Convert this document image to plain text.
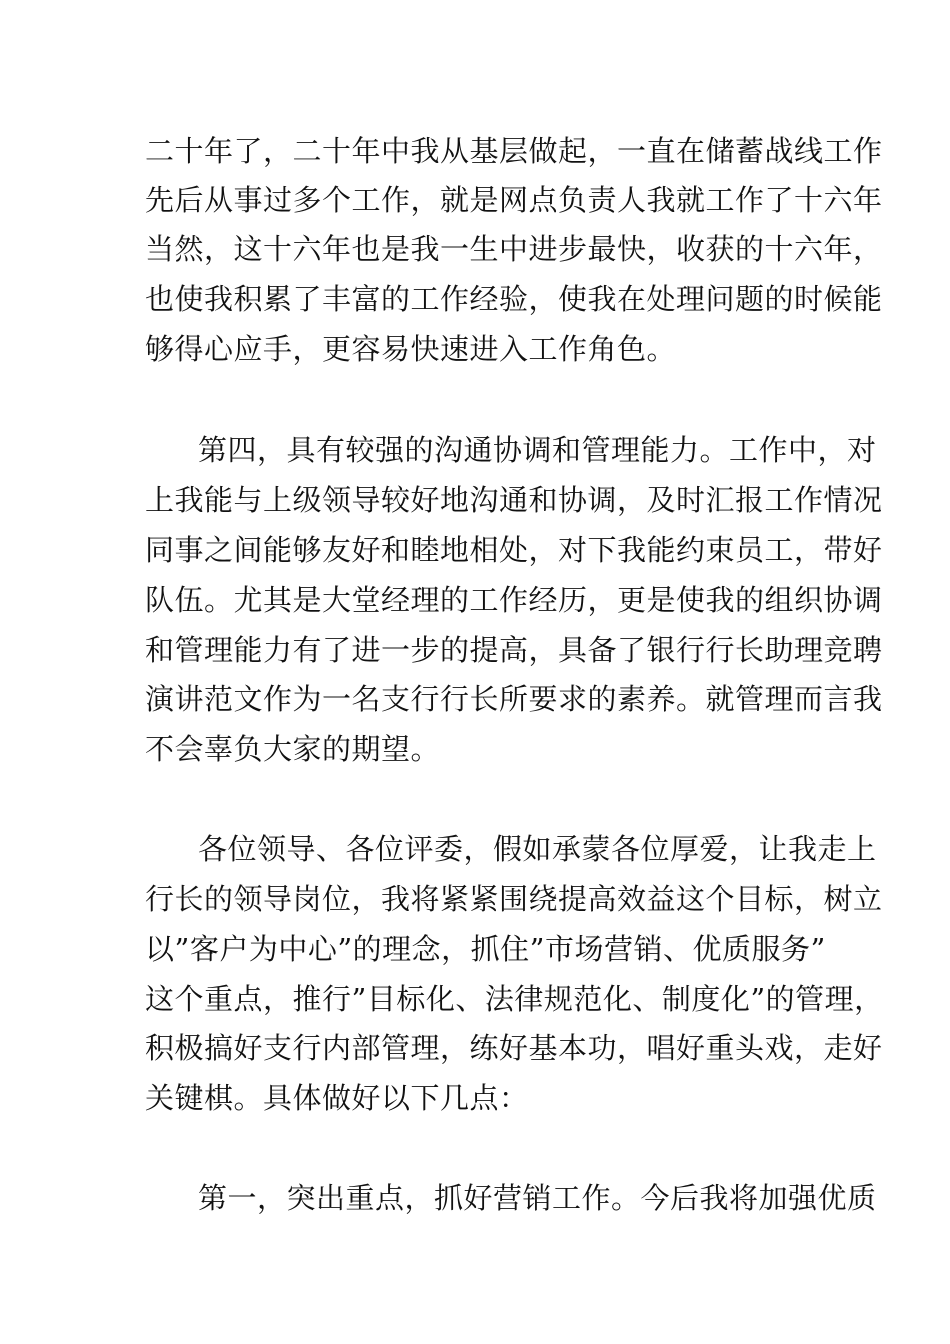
二十年了，二十年中我从基层做起，一直在储蓄战线工作
先后从事过多个工作，就是网点负责人我就工作了十六年
当然，这十六年也是我一生中进步最快，收获的十六年，
也使我积累了丰富的工作经验，使我在处理问题的时候能
够得心应手，更容易快速进入工作角色。
第四，具有较强的沟通协调和管理能力。工作中，对
上我能与上级领导较好地沟通和协调，及时汇报工作情况
同事之间能够友好和睦地相处，对下我能约束员工，带好
队伍。尤其是大堂经理的工作经历，更是使我的组织协调
和管理能力有了进一步的提高，具备了银行行长助理竞聘
演讲范文作为一名支行行长所要求的素养。就管理而言我
不会辜负大家的期望。
各位领导、各位评委，假如承蒙各位厚爱，让我走上
行长的领导岗位，我将紧紧围绕提高效益这个目标，树立
以”客户为中心”的理念，抓住”市场营销、优质服务”
这个重点，推行”目标化、法律规范化、制度化”的管理，
积极搞好支行内部管理，练好基本功，唱好重头戏，走好
关键棋。具体做好以下几点：
第一，突出重点，抓好营销工作。今后我将加强优质
